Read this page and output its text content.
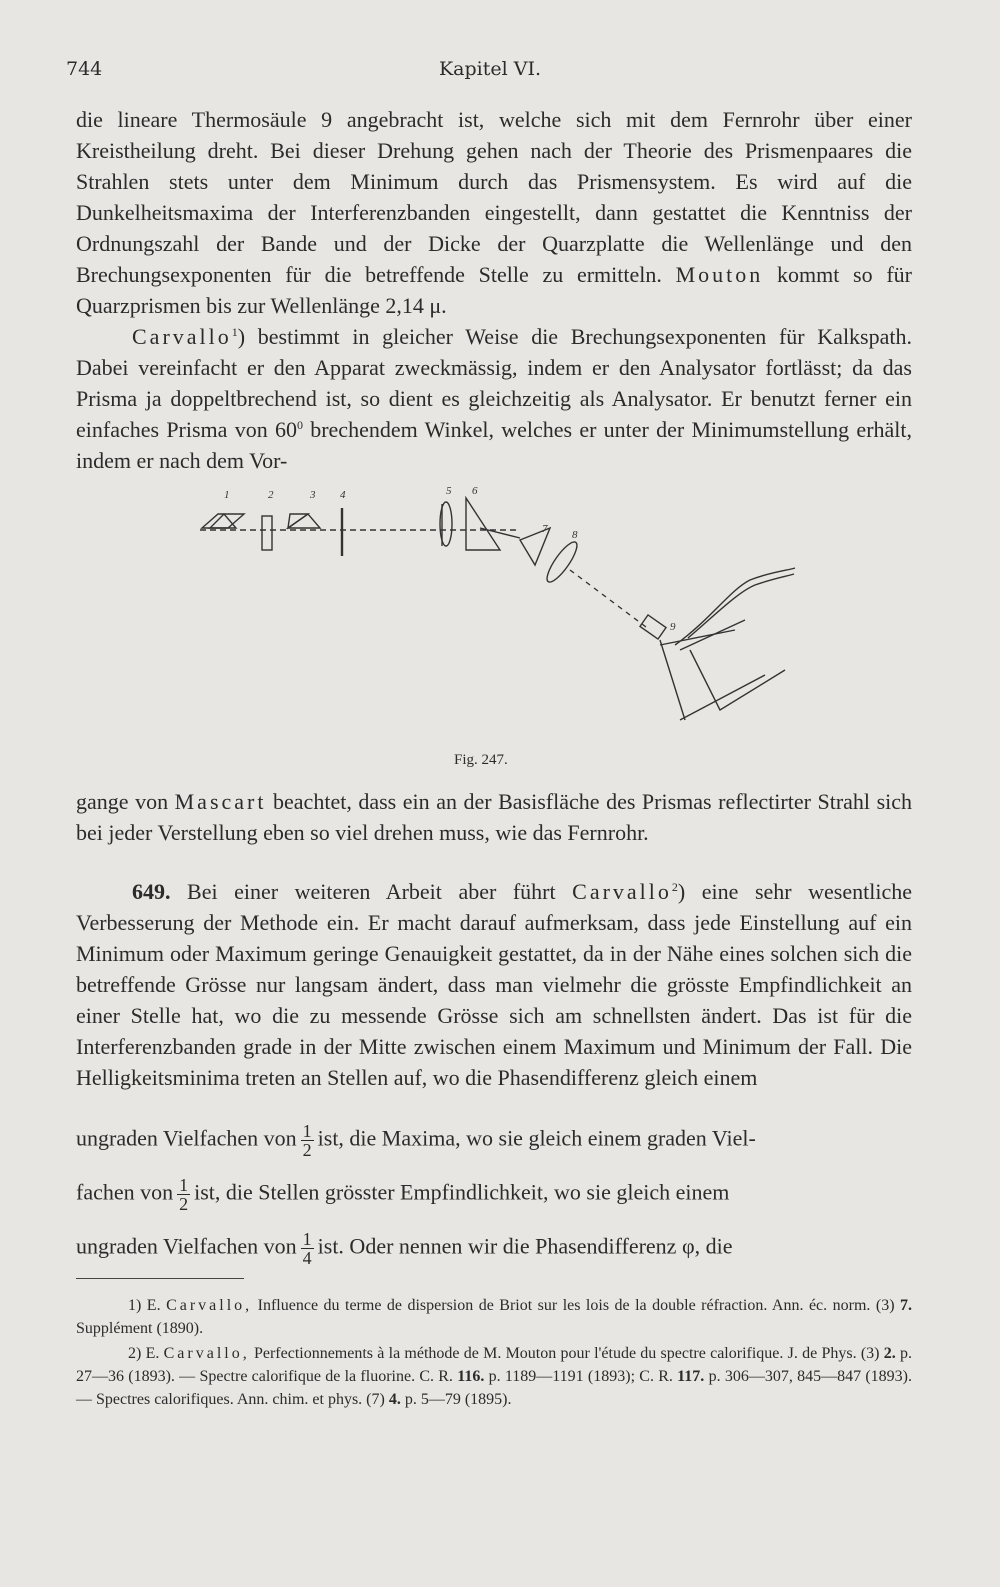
744	Kapitel VI.

die lineare Thermosäule 9 angebracht ist, welche sich mit dem Fernrohr über einer Kreistheilung dreht. Bei dieser Drehung gehen nach der Theorie des Prismenpaares die Strahlen stets unter dem Minimum durch das Prismensystem. Es wird auf die Dunkelheitsmaxima der Interferenzbanden eingestellt, dann gestattet die Kenntniss der Ordnungszahl der Bande und der Dicke der Quarzplatte die Wellenlänge und den Brechungsexponenten für die betreffende Stelle zu ermitteln. Mouton kommt so für Quarzprismen bis zur Wellenlänge 2,14 μ.

Carvallo$^1$) bestimmt in gleicher Weise die Brechungsexponenten für Kalkspath. Dabei vereinfacht er den Apparat zweckmässig, indem er den Analysator fortlässt; da das Prisma ja doppeltbrechend ist, so dient es gleichzeitig als Analysator. Er benutzt ferner ein einfaches Prisma von $60^0$ brechendem Winkel, welches er unter der Minimumstellung erhält, indem er nach dem Vor-

1	2	3 4	5 6
7 8
9
Fig. 247.

gange von Mascart beachtet, dass ein an der Basisfläche des Prismas reflectirter Strahl sich bei jeder Verstellung eben so viel drehen muss, wie das Fernrohr.

649. Bei einer weiteren Arbeit aber führt Carvallo$^2$) eine sehr wesentliche Verbesserung der Methode ein. Er macht darauf aufmerksam, dass jede Einstellung auf ein Minimum oder Maximum geringe Genauigkeit gestattet, da in der Nähe eines solchen sich die betreffende Grösse nur langsam ändert, dass man vielmehr die grösste Empfindlichkeit an einer Stelle hat, wo die zu messende Grösse sich am schnellsten ändert. Das ist für die Interferenzbanden grade in der Mitte zwischen einem Maximum und Minimum der Fall. Die Helligkeitsminima treten an Stellen auf, wo die Phasendifferenz gleich einem

ungraden Vielfachen von $\frac{1}{2}$ ist, die Maxima, wo sie gleich einem graden Viel-
fachen von $\frac{1}{2}$ ist, die Stellen grösster Empfindlichkeit, wo sie gleich einem
ungraden Vielfachen von $\frac{1}{4}$ ist. Oder nennen wir die Phasendifferenz φ, die

1) E. Carvallo, Influence du terme de dispersion de Briot sur les lois de la double réfraction. Ann. éc. norm. (3) 7. Supplément (1890).

2) E. Carvallo, Perfectionnements à la méthode de M. Mouton pour l'étude du spectre calorifique. J. de Phys. (3) 2. p. 27—36 (1893). — Spectre calorifique de la fluorine. C. R. 116. p. 1189—1191 (1893); C. R. 117. p. 306—307, 845—847 (1893). — Spectres calorifiques. Ann. chim. et phys. (7) 4. p. 5—79 (1895).
